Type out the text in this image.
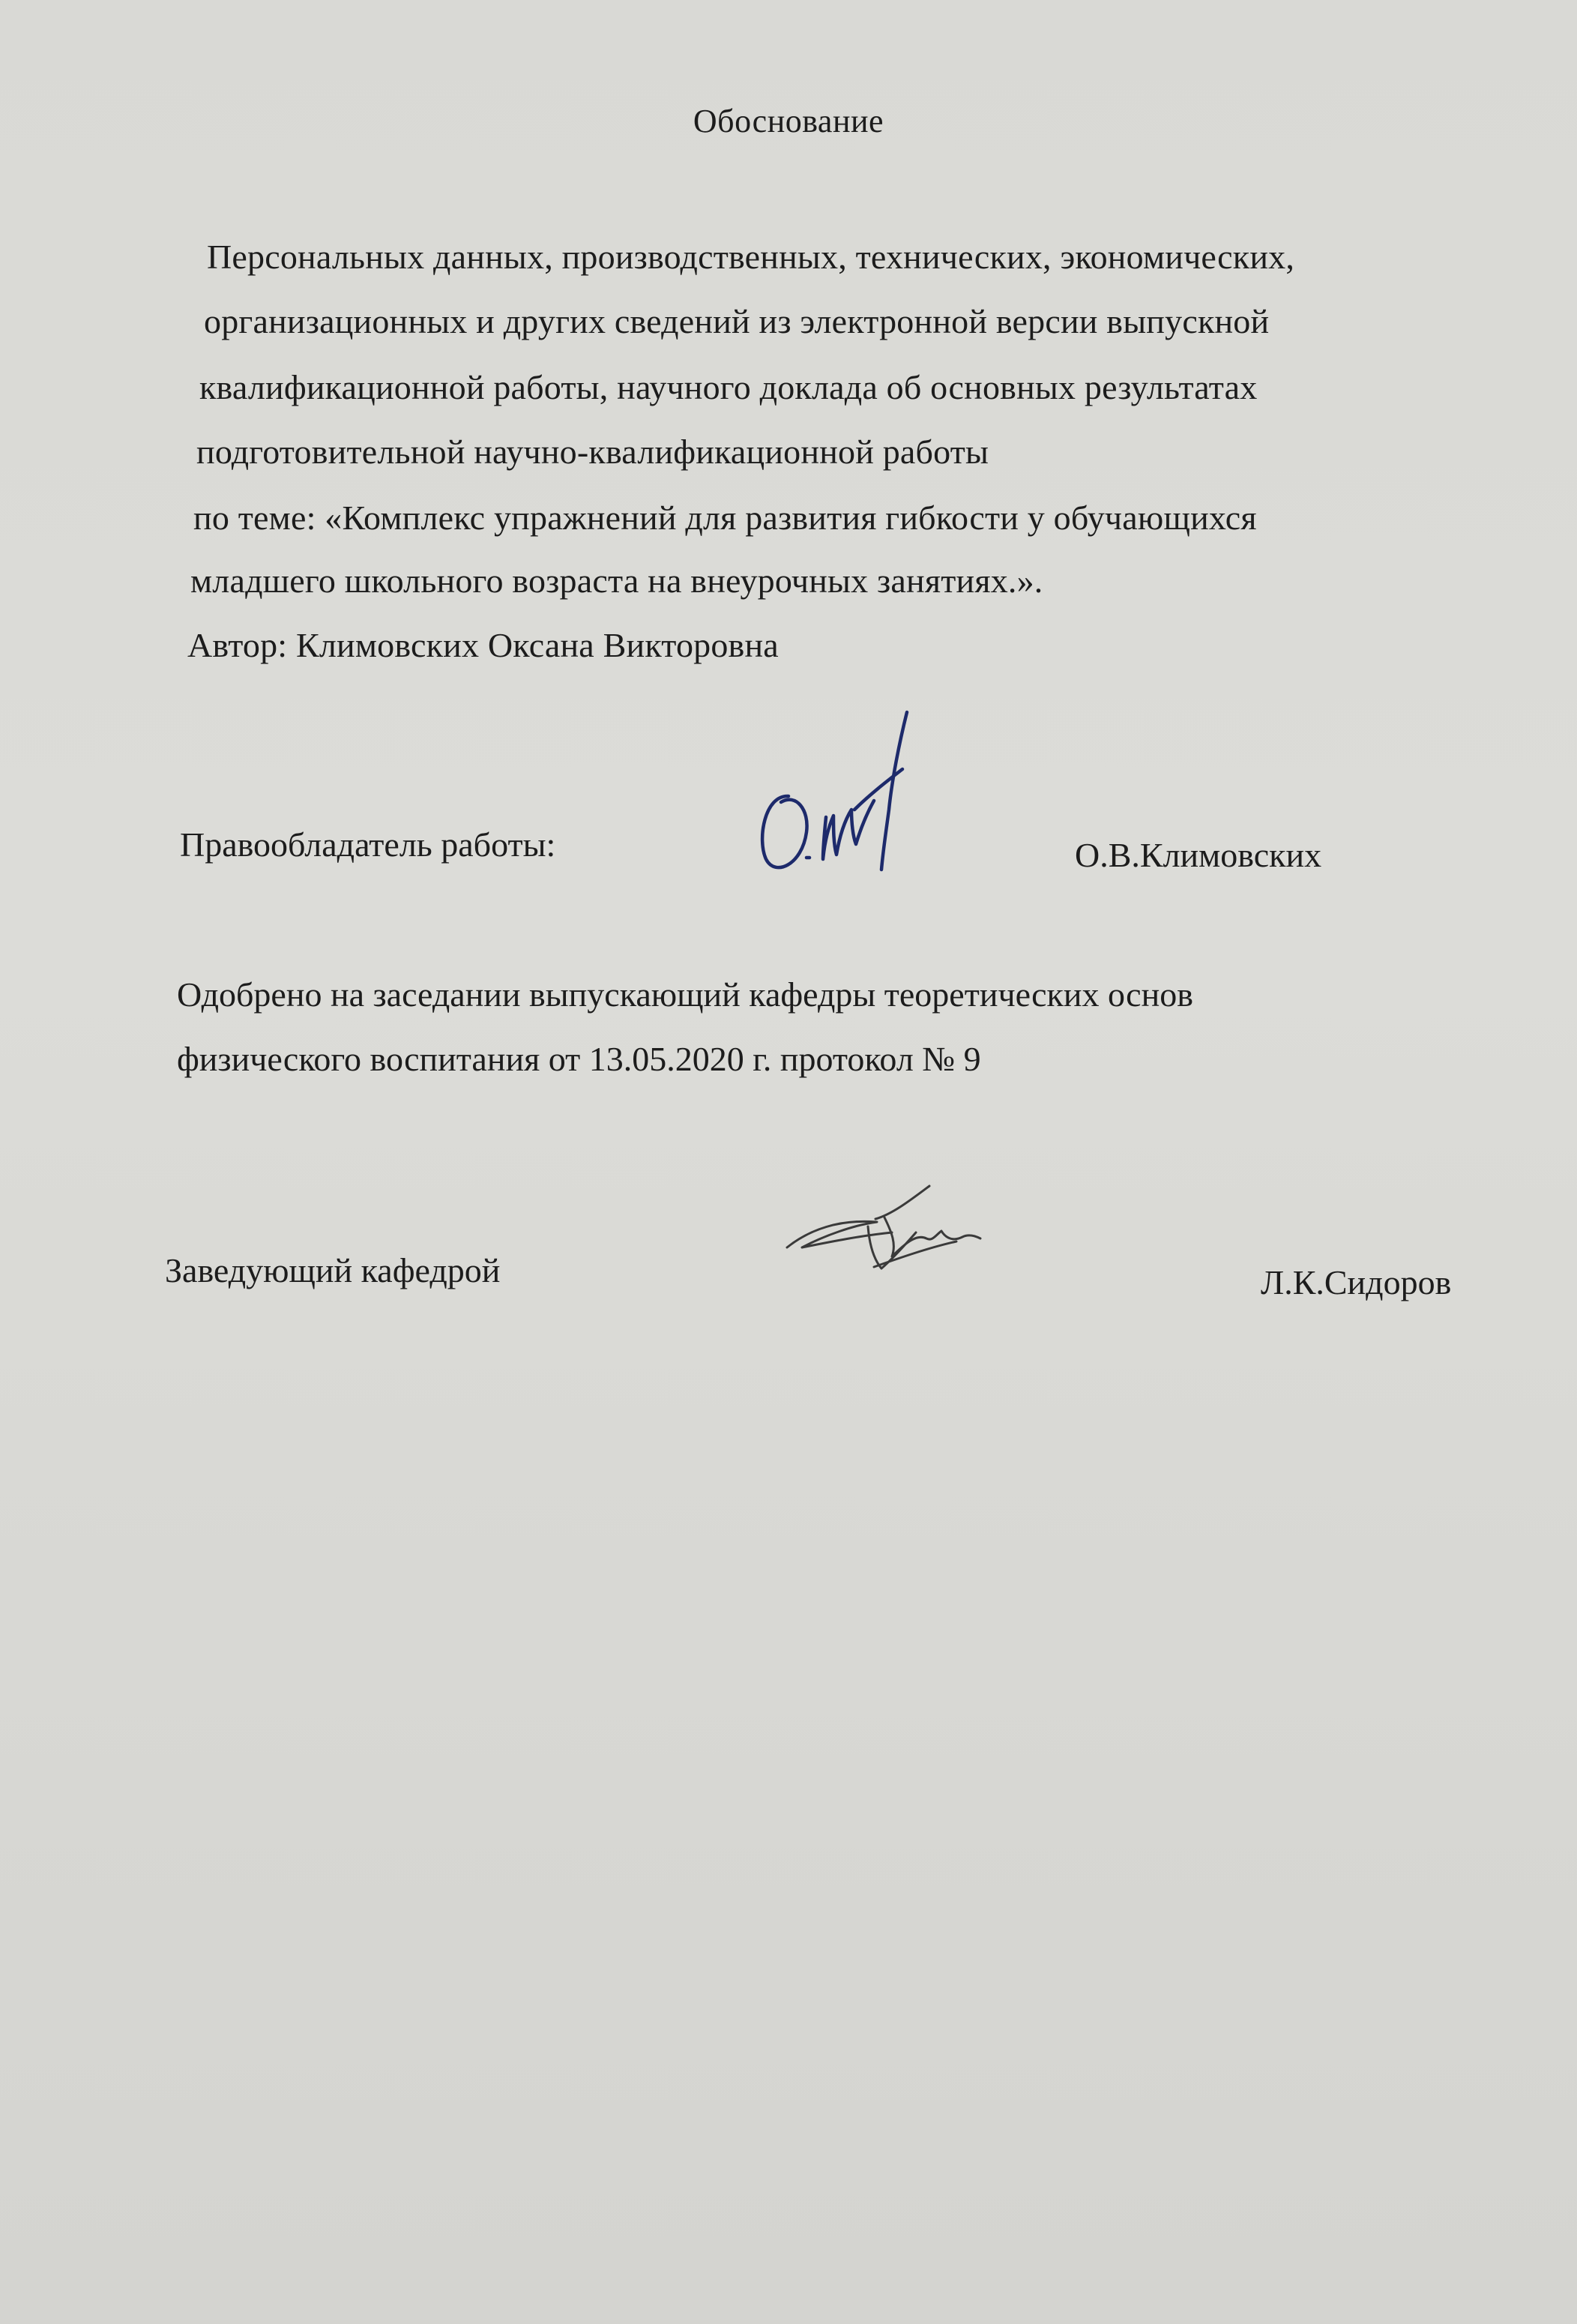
Обоснование
Персональных данных, производственных, технических, экономических,
организационных и других сведений из электронной версии выпускной
квалификационной работы, научного доклада об основных результатах
подготовительной научно-квалификационной работы
по теме: «Комплекс упражнений для развития гибкости у обучающихся
младшего школьного возраста на внеурочных занятиях.».
Автор: Климовских Оксана Викторовна
Правообладатель работы:	О.В.Климовских
Одобрено на заседании выпускающий кафедры теоретических основ
физического воспитания от 13.05.2020 г. протокол № 9
Заведующий кафедрой	Л.К.Сидоров
